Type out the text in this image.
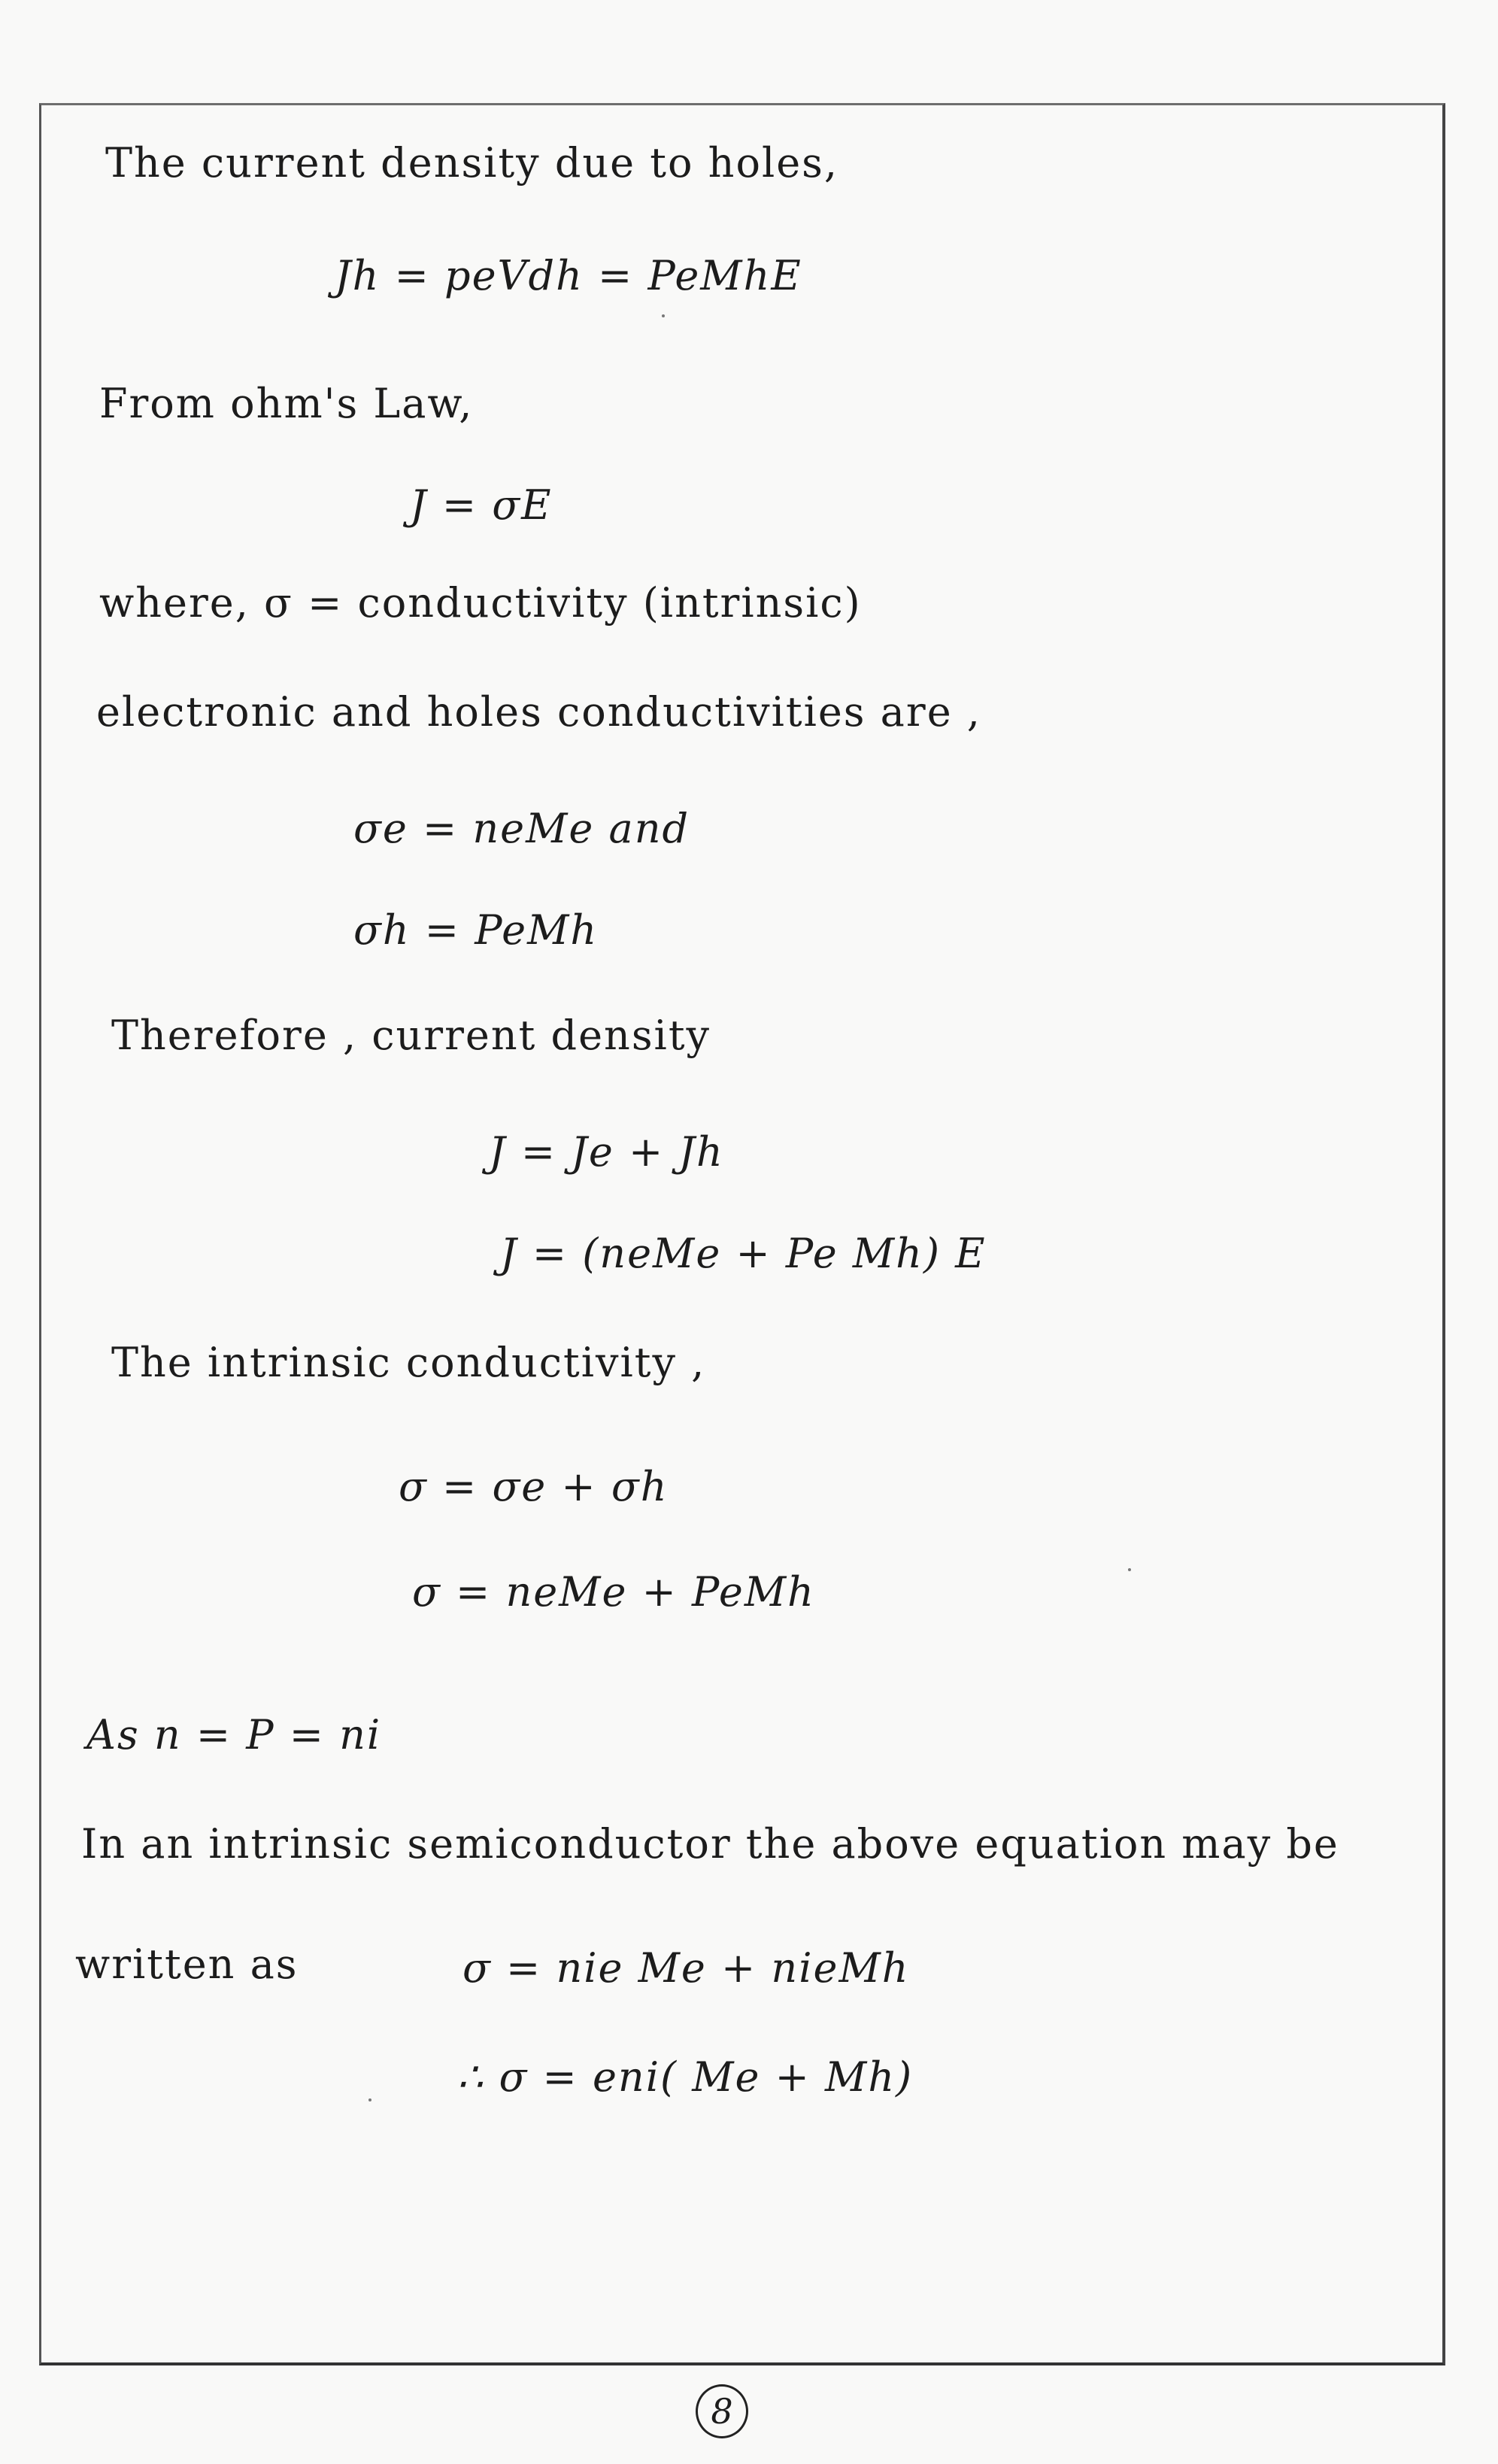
The current density due to holes,
Jh = peVdh = PeMhE
From ohm's Law,
J = σE
where, σ = conductivity (intrinsic)
electronic and holes conductivities are ,
σe = neMe and
σh = PeMh
Therefore , current density
J = Je + Jh
J = (neMe + Pe Mh) E
The intrinsic conductivity ,
σ = σe + σh
σ = neMe + PeMh
As n = P = ni
In an intrinsic semiconductor the above equation may be
written as	σ = nie Me + nieMh
∴ σ = eni( Me + Mh)
8
